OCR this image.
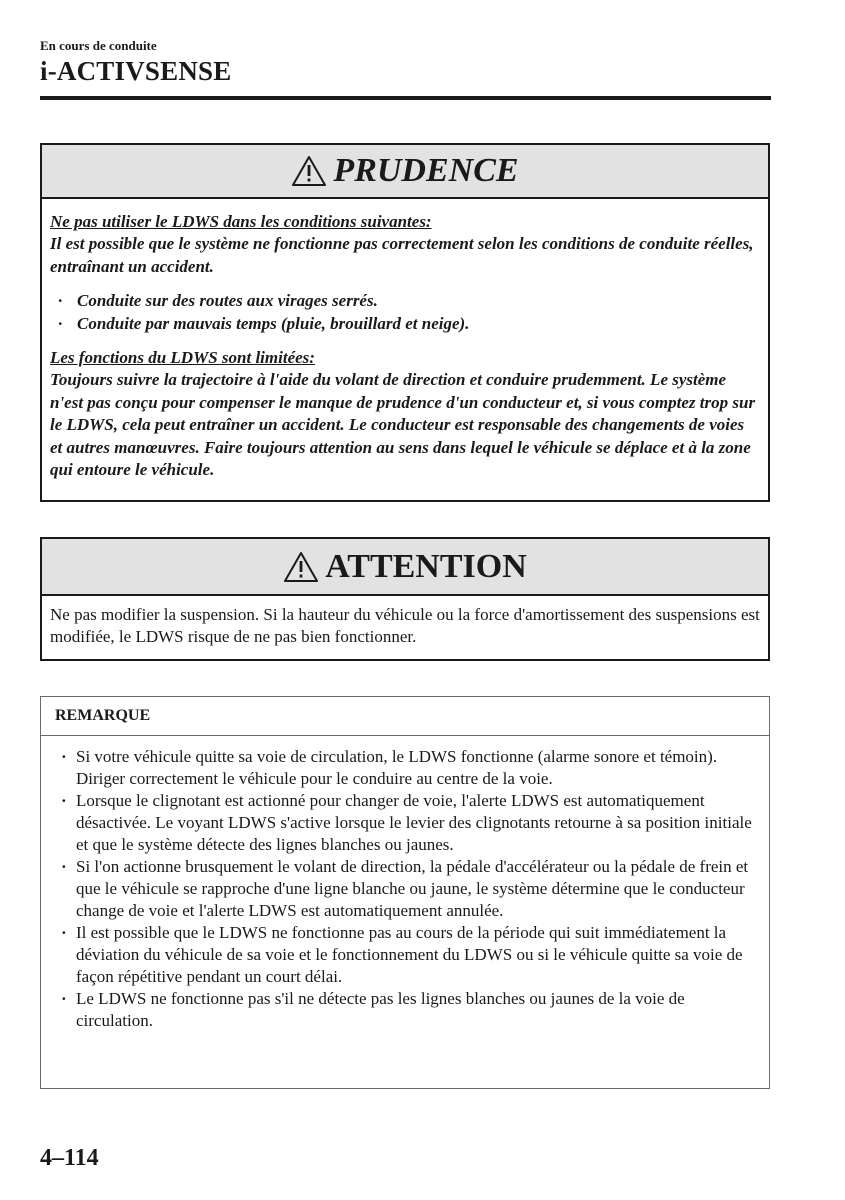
En cours de conduite
i-ACTIVSENSE
PRUDENCE

Ne pas utiliser le LDWS dans les conditions suivantes:

Il est possible que le système ne fonctionne pas correctement selon les conditions de conduite réelles, entraînant un accident.

· Conduite sur des routes aux virages serrés.
· Conduite par mauvais temps (pluie, brouillard et neige).

Les fonctions du LDWS sont limitées:

Toujours suivre la trajectoire à l'aide du volant de direction et conduire prudemment. Le système n'est pas conçu pour compenser le manque de prudence d'un conducteur et, si vous comptez trop sur le LDWS, cela peut entraîner un accident. Le conducteur est responsable des changements de voies et autres manœuvres. Faire toujours attention au sens dans lequel le véhicule se déplace et à la zone qui entoure le véhicule.

ATTENTION
Ne pas modifier la suspension. Si la hauteur du véhicule ou la force d'amortissement des suspensions est modifiée, le LDWS risque de ne pas bien fonctionner.
REMARQUE
· Si votre véhicule quitte sa voie de circulation, le LDWS fonctionne (alarme sonore et témoin). Diriger correctement le véhicule pour le conduire au centre de la voie.
· Lorsque le clignotant est actionné pour changer de voie, l'alerte LDWS est automatiquement désactivée. Le voyant LDWS s'active lorsque le levier des clignotants retourne à sa position initiale et que le système détecte des lignes blanches ou jaunes.
· Si l'on actionne brusquement le volant de direction, la pédale d'accélérateur ou la pédale de frein et que le véhicule se rapproche d'une ligne blanche ou jaune, le système détermine que le conducteur change de voie et l'alerte LDWS est automatiquement annulée.
· Il est possible que le LDWS ne fonctionne pas au cours de la période qui suit immédiatement la déviation du véhicule de sa voie et le fonctionnement du LDWS ou si le véhicule quitte sa voie de façon répétitive pendant un court délai.
· Le LDWS ne fonctionne pas s'il ne détecte pas les lignes blanches ou jaunes de la voie de circulation.
4–114
